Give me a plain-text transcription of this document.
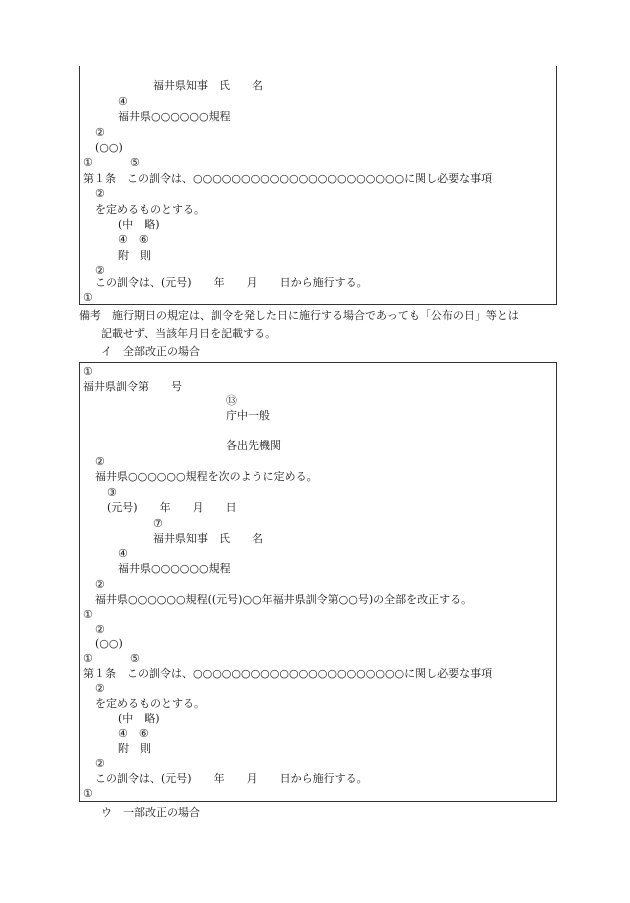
福井県知事　氏　　名
④
福井県○○○○○○規程
②
(○○)
①	⑤
第１条　この訓令は、○○○○○○○○○○○○○○○○○○○○○○に関し必要な事項
②
を定めるものとする。
(中　略)
④　⑥
附　則
②
この訓令は、(元号)　　年　　月　　日から施行する。
①
備考　施行期日の規定は、訓令を発した日に施行する場合であっても「公布の日」等とは
記載せず、当該年月日を記載する。
イ　全部改正の場合
①
福井県訓令第　　号
⑬
庁中一般
各出先機関
②
福井県○○○○○○規程を次のように定める。
③
(元号)　　年　　月　　日
⑦
福井県知事　氏　　名
④
福井県○○○○○○規程
②
福井県○○○○○○規程((元号)○○年福井県訓令第○○号)の全部を改正する。
①
②
(○○)
①	⑤
第１条　この訓令は、○○○○○○○○○○○○○○○○○○○○○○に関し必要な事項
②
を定めるものとする。
(中　略)
④　⑥
附　則
②
この訓令は、(元号)　　年　　月　　日から施行する。
①
ウ　一部改正の場合
